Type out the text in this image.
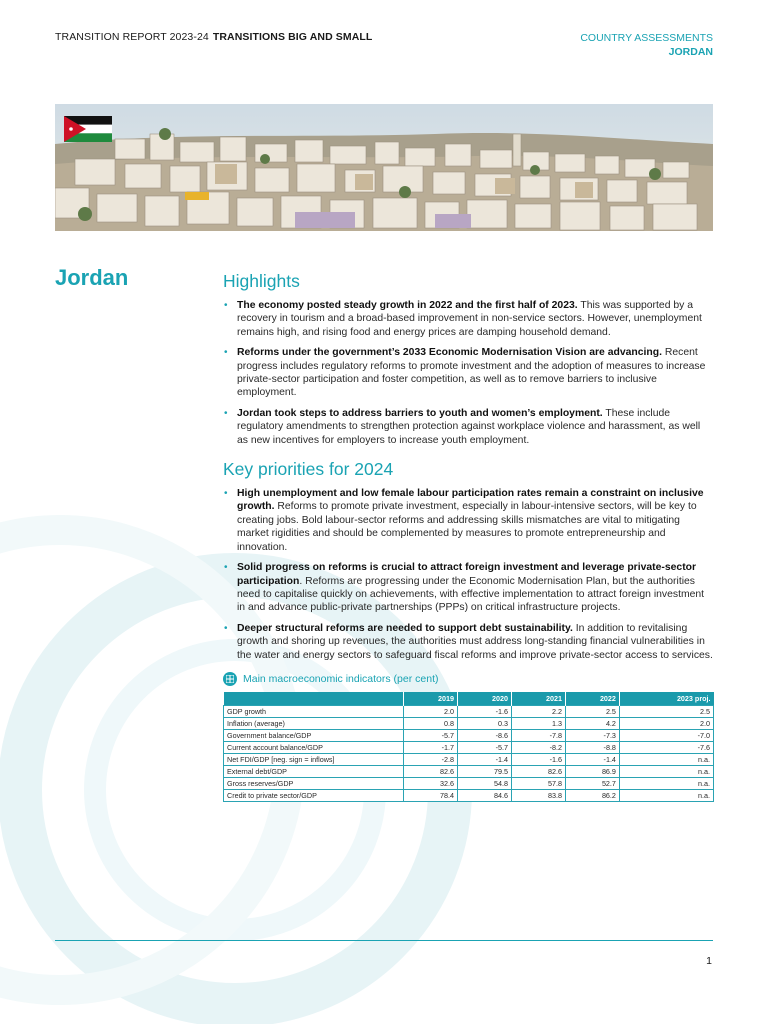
TRANSITION REPORT 2023-24 TRANSITIONS BIG AND SMALL	COUNTRY ASSESSMENTS
JORDAN
Jordan	Highlights
• The economy posted steady growth in 2022 and the first half of 2023. This was supported by a recovery in tourism and a broad-based improvement in non-service sectors. However, unemployment remains high, and rising food and energy prices are damping household demand.
• Reforms under the government’s 2033 Economic Modernisation Vision are advancing. Recent progress includes regulatory reforms to promote investment and the adoption of measures to increase private-sector participation and foster competition, as well as to remove barriers to inclusive employment.
• Jordan took steps to address barriers to youth and women’s employment. These include regulatory amendments to strengthen protection against workplace violence and harassment, as well as new incentives for employers to increase youth employment.
Key priorities for 2024
• High unemployment and low female labour participation rates remain a constraint on inclusive growth. Reforms to promote private investment, especially in labour-intensive sectors, will be key to creating jobs. Bold labour-sector reforms and addressing skills mismatches are vital to mitigating market rigidities and should be complemented by measures to promote entrepreneurship and innovation.
• Solid progress on reforms is crucial to attract foreign investment and leverage private-sector participation. Reforms are progressing under the Economic Modernisation Plan, but the authorities need to capitalise quickly on achievements, with effective implementation to attract foreign investment in and advance public-private partnerships (PPPs) on critical infrastructure projects.
• Deeper structural reforms are needed to support debt sustainability. In addition to revitalising growth and shoring up revenues, the authorities must address long-standing financial vulnerabilities in the water and energy sectors to safeguard fiscal reforms and improve private-sector access to services.
Main macroeconomic indicators (per cent)
	2019	2020	2021	2022	2023 proj.
GDP growth	2.0	-1.6	2.2	2.5	2.5
Inflation (average)	0.8	0.3	1.3	4.2	2.0
Government balance/GDP	-5.7	-8.6	-7.8	-7.3	-7.0
Current account balance/GDP	-1.7	-5.7	-8.2	-8.8	-7.6
Net FDI/GDP [neg. sign = inflows]	-2.8	-1.4	-1.6	-1.4	n.a.
External debt/GDP	82.6	79.5	82.6	86.9	n.a.
Gross reserves/GDP	32.6	54.8	57.8	52.7	n.a.
Credit to private sector/GDP	78.4	84.6	83.8	86.2	n.a.
1
